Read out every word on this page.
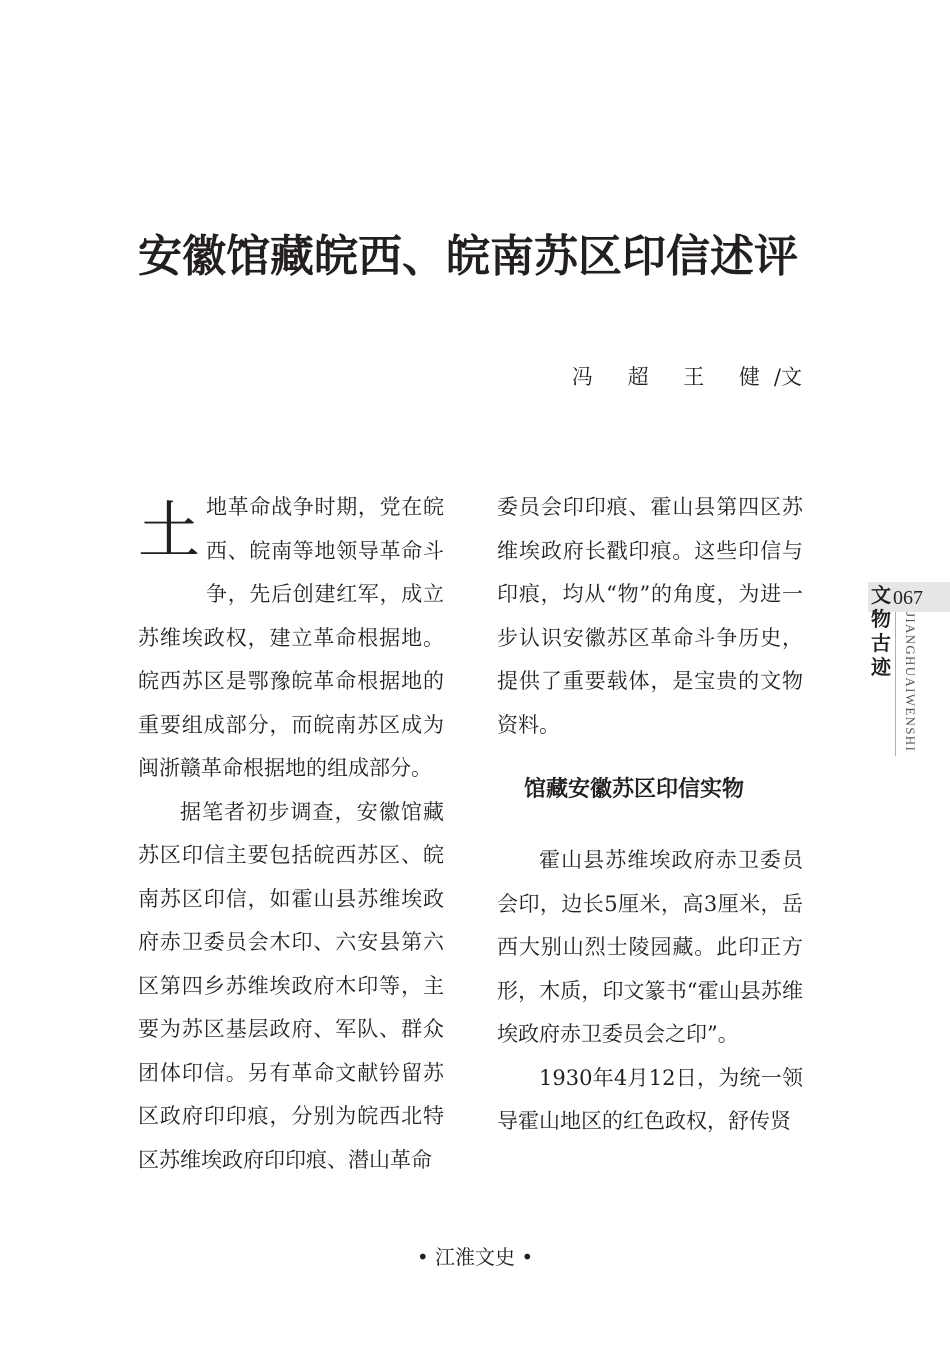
安徽馆藏皖西、皖南苏区印信述评
冯 超 王 健/文

土地革命战争时期，党在皖西、皖南等地领导革命斗争，先后创建红军，成立苏维埃政权，建立革命根据地。皖西苏区是鄂豫皖革命根据地的重要组成部分，而皖南苏区成为闽浙赣革命根据地的组成部分。

据笔者初步调查，安徽馆藏苏区印信主要包括皖西苏区、皖南苏区印信，如霍山县苏维埃政府赤卫委员会木印、六安县第六区第四乡苏维埃政府木印等，主要为苏区基层政府、军队、群众团体印信。另有革命文献钤留苏区政府印印痕，分别为皖西北特区苏维埃政府印印痕、潜山革命

委员会印印痕、霍山县第四区苏维埃政府长戳印痕。这些印信与印痕，均从“物”的角度，为进一步认识安徽苏区革命斗争历史，提供了重要载体，是宝贵的文物资料。

馆藏安徽苏区印信实物

霍山县苏维埃政府赤卫委员会印，边长5厘米，高3厘米，岳西大别山烈士陵园藏。此印正方形，木质，印文篆书“霍山县苏维埃政府赤卫委员会之印”。

1930年4月12日，为统一领导霍山地区的红色政权，舒传贤

文
物
古
迹
067
JIANGHUAIWENSHI
• 江淮文史 •
